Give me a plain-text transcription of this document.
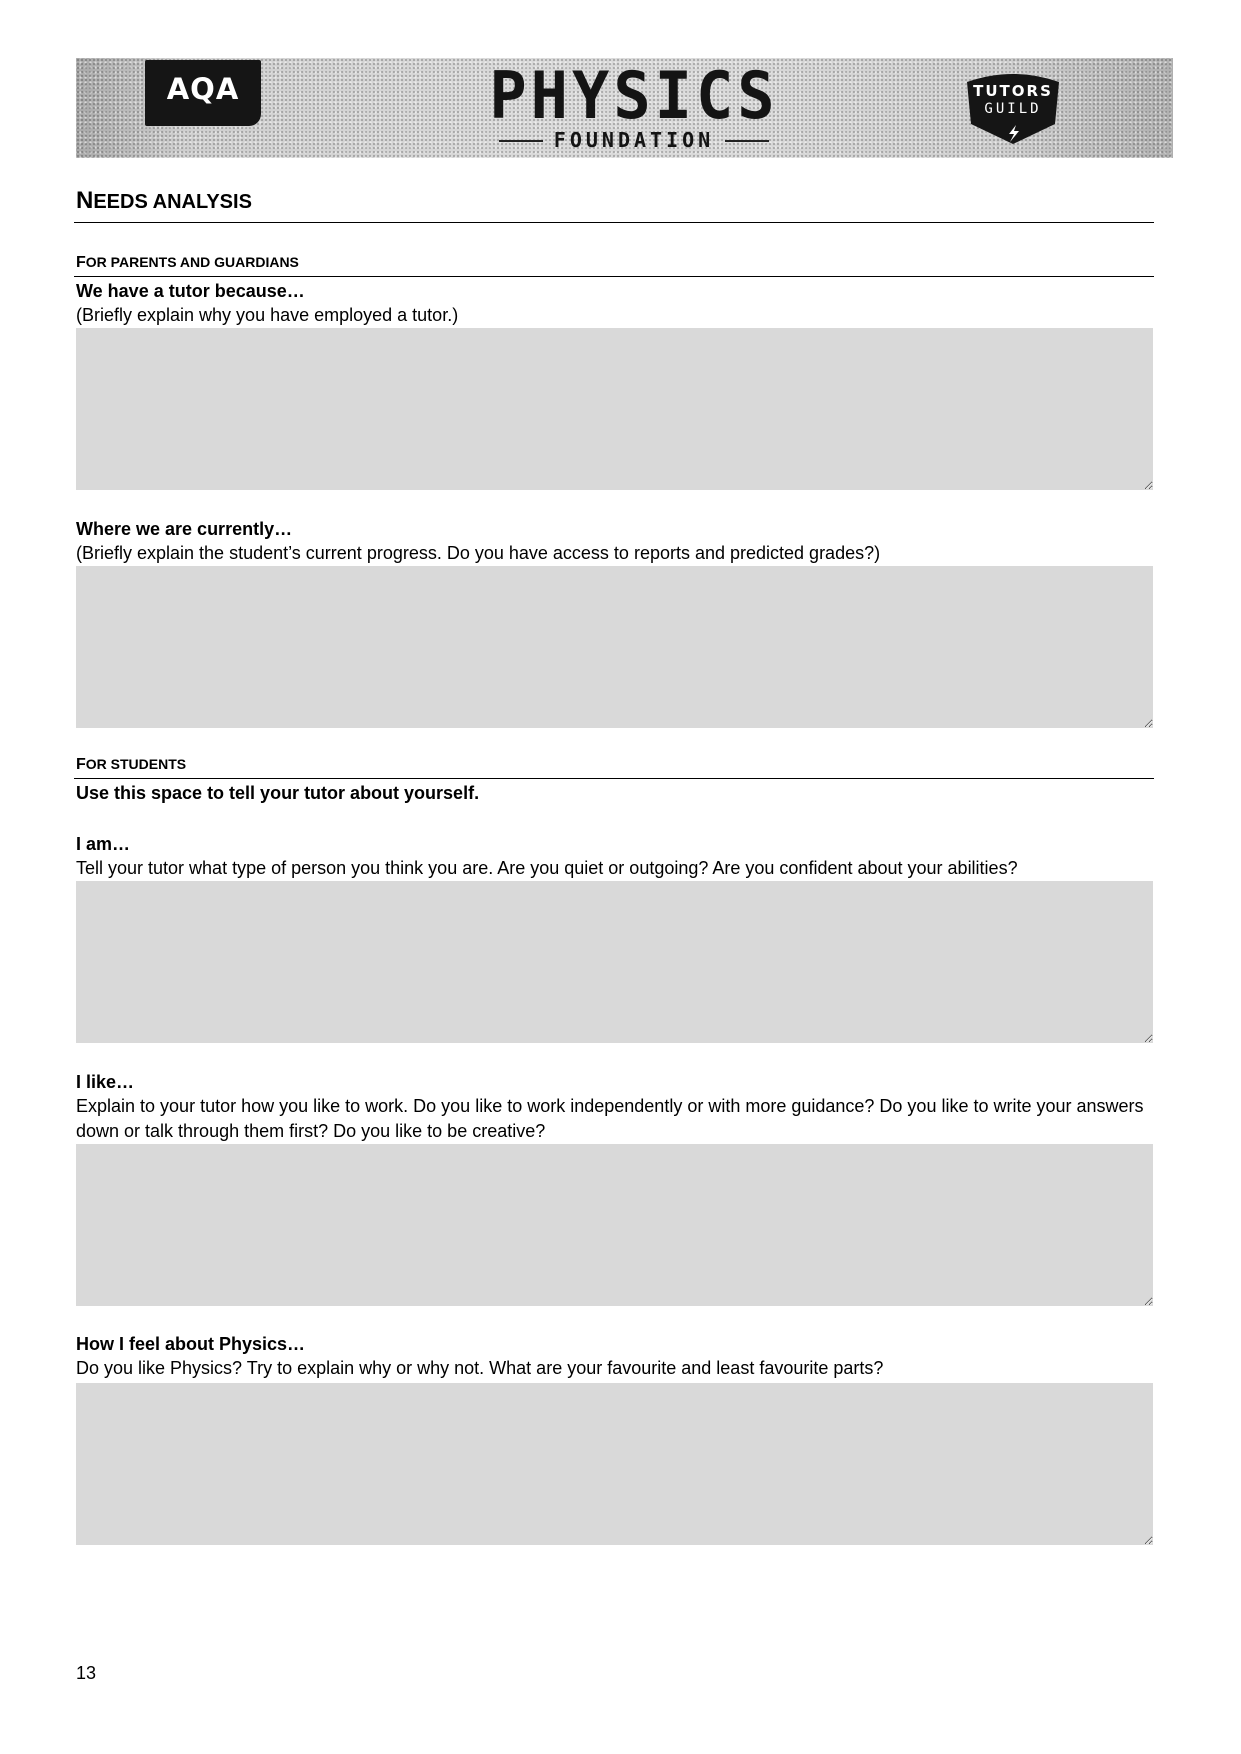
AQA	PHYSICS
FOUNDATION
TUTORS
GUILD
NEEDS ANALYSIS
FOR PARENTS AND GUARDIANS
We have a tutor because…
(Briefly explain why you have employed a tutor.)
Where we are currently…
(Briefly explain the student’s current progress. Do you have access to reports and predicted grades?)
FOR STUDENTS
Use this space to tell your tutor about yourself.
I am…
Tell your tutor what type of person you think you are. Are you quiet or outgoing? Are you confident about your abilities?
I like…
Explain to your tutor how you like to work. Do you like to work independently or with more guidance? Do you like to write your answers down or talk through them first? Do you like to be creative?
How I feel about Physics…
Do you like Physics? Try to explain why or why not. What are your favourite and least favourite parts?
13
